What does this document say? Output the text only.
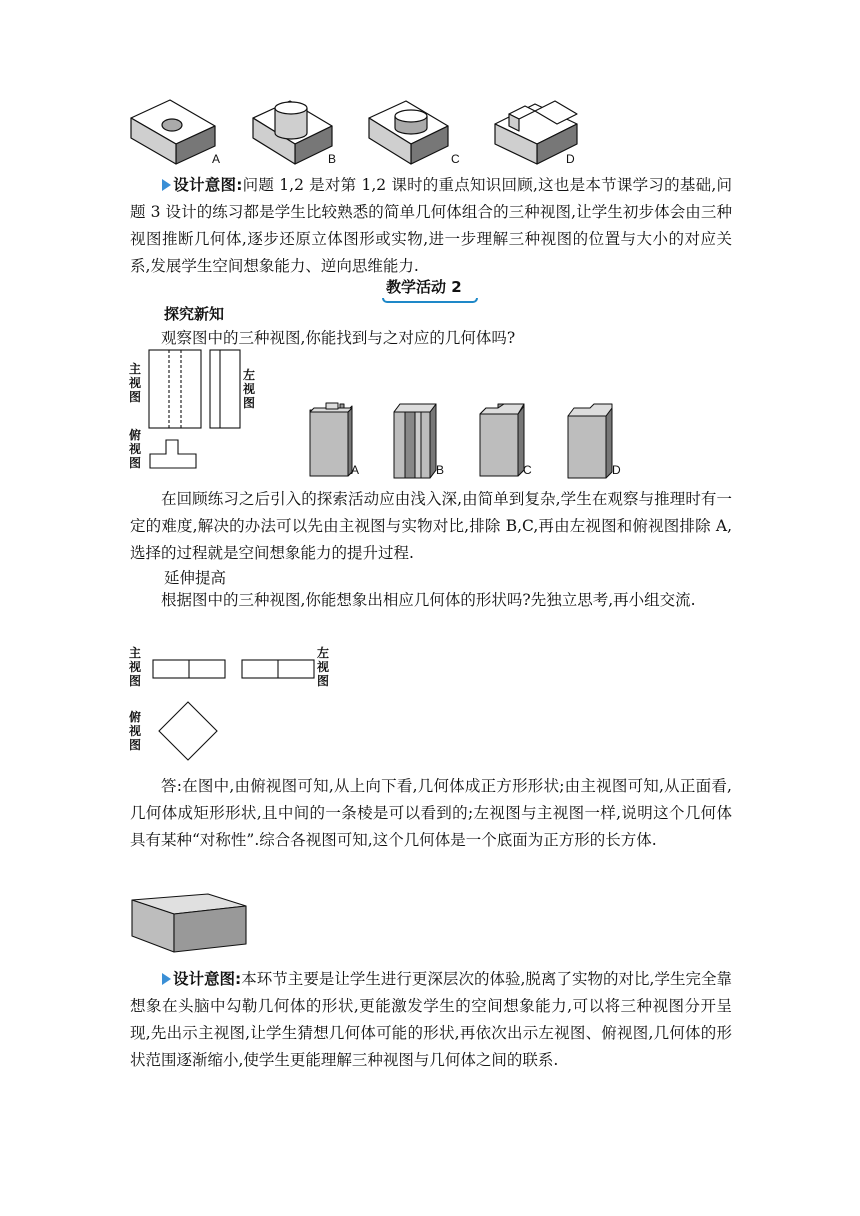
A	B	C	D
设计意图:问题 1,2 是对第 1,2 课时的重点知识回顾,这也是本节课学习的基础,问题 3 设计的练习都是学生比较熟悉的简单几何体组合的三种视图,让学生初步体会由三种视图推断几何体,逐步还原立体图形或实物,进一步理解三种视图的位置与大小的对应关系,发展学生空间想象能力、逆向思维能力.
教学活动 2
探究新知
观察图中的三种视图,你能找到与之对应的几何体吗?
主视图
左视图
俯视图	A	B	C	D
在回顾练习之后引入的探索活动应由浅入深,由简单到复杂,学生在观察与推理时有一定的难度,解决的办法可以先由主视图与实物对比,排除 B,C,再由左视图和俯视图排除 A,选择的过程就是空间想象能力的提升过程.
延伸提高
根据图中的三种视图,你能想象出相应几何体的形状吗?先独立思考,再小组交流.
主视图
左视图
俯视图
答:在图中,由俯视图可知,从上向下看,几何体成正方形形状;由主视图可知,从正面看,几何体成矩形形状,且中间的一条棱是可以看到的;左视图与主视图一样,说明这个几何体具有某种“对称性”.综合各视图可知,这个几何体是一个底面为正方形的长方体.
设计意图:本环节主要是让学生进行更深层次的体验,脱离了实物的对比,学生完全靠想象在头脑中勾勒几何体的形状,更能激发学生的空间想象能力,可以将三种视图分开呈现,先出示主视图,让学生猜想几何体可能的形状,再依次出示左视图、俯视图,几何体的形状范围逐渐缩小,使学生更能理解三种视图与几何体之间的联系.
